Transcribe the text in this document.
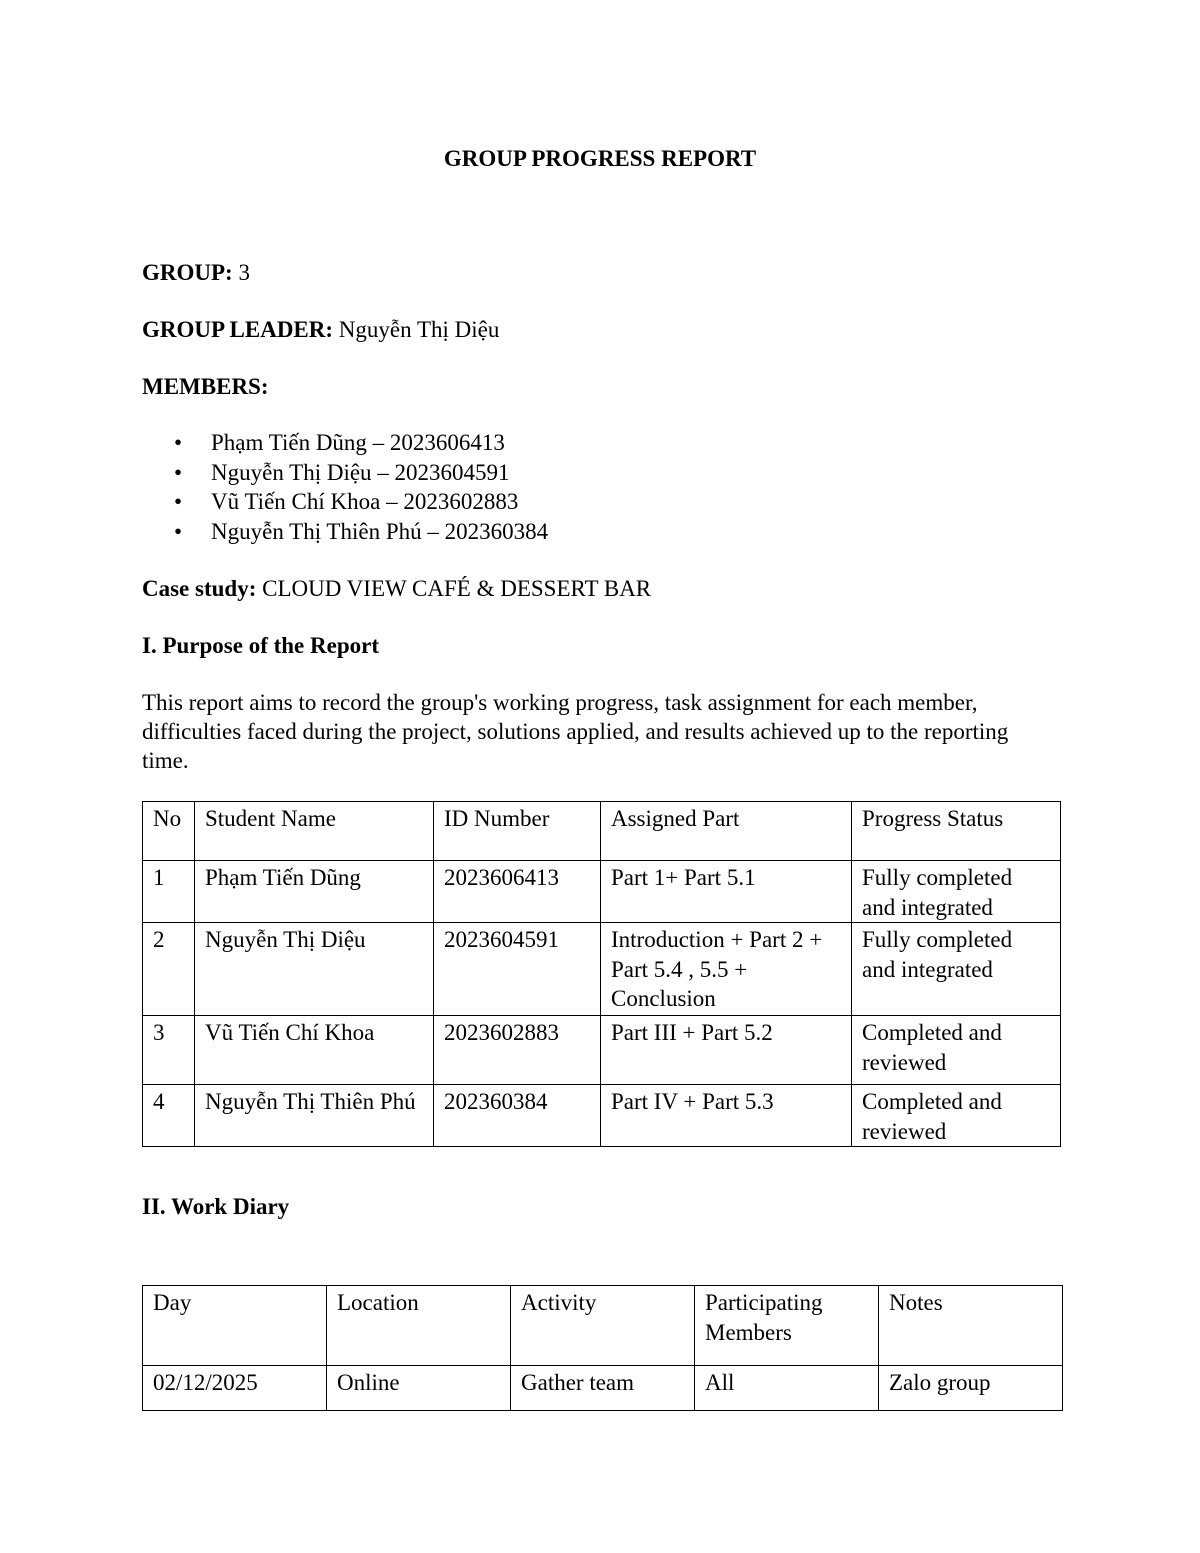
GROUP PROGRESS REPORT
GROUP: 3
GROUP LEADER: Nguyễn Thị Diệu
MEMBERS:
• Phạm Tiến Dũng – 2023606413
• Nguyễn Thị Diệu – 2023604591
• Vũ Tiến Chí Khoa – 2023602883
• Nguyễn Thị Thiên Phú – 202360384
Case study: CLOUD VIEW CAFÉ & DESSERT BAR
I. Purpose of the Report
This report aims to record the group's working progress, task assignment for each member, difficulties faced during the project, solutions applied, and results achieved up to the reporting time.
No	Student Name	ID Number	Assigned Part	Progress Status
1	Phạm Tiến Dũng	2023606413	Part 1+ Part 5.1	Fully completed and integrated
2	Nguyễn Thị Diệu	2023604591	Introduction + Part 2 + Part 5.4 , 5.5 + Conclusion	Fully completed and integrated
3	Vũ Tiến Chí Khoa	2023602883	Part III + Part 5.2	Completed and reviewed
4	Nguyễn Thị Thiên Phú	202360384	Part IV + Part 5.3	Completed and reviewed
II. Work Diary
Day	Location	Activity	Participating Members	Notes
02/12/2025	Online	Gather team	All	Zalo group
